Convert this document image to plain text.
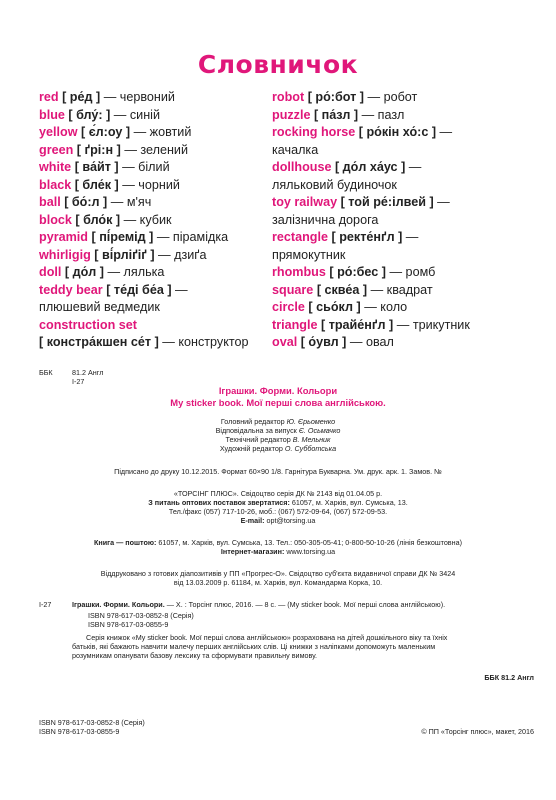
Словничок
red [ ре́д ] — червоний
blue [ блу́: ] — синій
yellow [ є́л:оу ] — жовтий
green [ ґрі:н ] — зелений
white [ ва́йт ] — білий
black [ бле́к ] — чорний
ball [ бо́:л ] — м'яч
block [ бло́к ] — кубик
pyramid [ пі́ремід ] — пірамідка
whirligig [ ві́рліґіґ ] — дзиґа
doll [ до́л ] — лялька
teddy bear [ те́ді бе́а ] —
плюшевий ведмедик
construction set
[ констра́кшен се́т ] — конструктор
robot [ ро́:бот ] — робот
puzzle [ па́зл ] — пазл
rocking horse [ ро́кін хо́:с ] —
качалка
dollhouse [ до́л ха́ус ] —
ляльковий будиночок
toy railway [ той ре́:ілвей ] —
залізнична дорога
rectangle [ ректе́нґл ] —
прямокутник
rhombus [ ро́:бес ] — ромб
square [ скве́а ] — квадрат
circle [ сьо́кл ] — коло
triangle [ трайе́нґл ] — трикутник
oval [ о́увл ] — овал
ББК	81.2 Англ
І-27
Іграшки. Форми. Кольори
My sticker book. Мої перші слова англійською.
Головний редактор Ю. Єрьоменко
Відповідальна за випуск Є. Осьмачко
Технічний редактор В. Мельник
Художній редактор О. Субботська
Підписано до друку 10.12.2015. Формат 60×90 1/8. Гарнітура Букварна. Ум. друк. арк. 1. Замов. №
«ТОРСІНГ ПЛЮС». Свідоцтво серія ДК № 2143 від 01.04.05 р.
З питань оптових поставок звертатися: 61057, м. Харків, вул. Сумська, 13.
Тел./факс (057) 717-10-26, моб.: (067) 572-09-64, (067) 572-09-53.
E-mail: opt@torsing.ua
Книга — поштою: 61057, м. Харків, вул. Сумська, 13. Тел.: 050-305-05-41; 0-800-50-10-26 (лінія безкоштовна)
Інтернет-магазин: www.torsing.ua
Віддруковано з готових діапозитивів у ПП «Прогрес-О». Свідоцтво суб'єкта видавничої справи ДК № 3424
від 13.03.2009 р. 61184, м. Харків, вул. Командарма Корка, 10.
І-27	Іграшки. Форми. Кольори. — Х. : Торсінг плюс, 2016. — 8 с. — (My sticker book. Мої перші слова англійською).
ISBN 978-617-03-0852-8 (Серія)
ISBN 978-617-03-0855-9
Серія книжок «My sticker book. Мої перші слова англійською» розрахована на дітей дошкільного віку та їхніх
батьків, які бажають навчити малечу перших англійських слів. Ці книжки з наліпками допоможуть маленьким
розумникам опанувати базову лексику та сформувати правильну вимову.
ББК 81.2 Англ
ISBN 978-617-03-0852-8 (Серія)
ISBN 978-617-03-0855-9	© ПП «Торсінг плюс», макет, 2016
